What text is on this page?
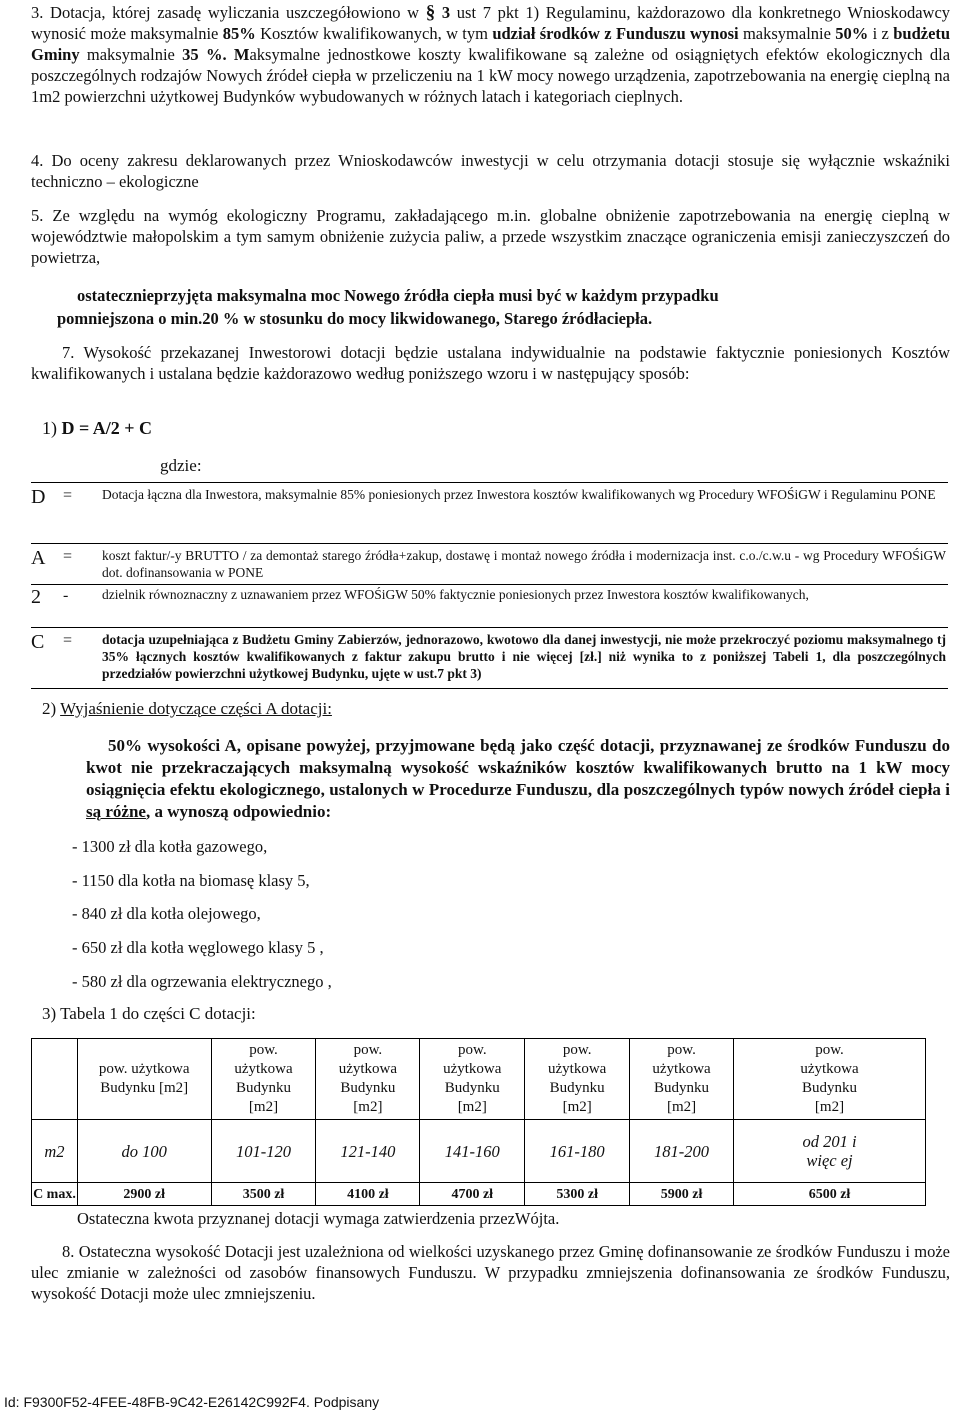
3. Dotacja, której zasadę wyliczania uszczegółowiono w § 3 ust 7 pkt 1) Regulaminu, każdorazowo dla konkretnego Wnioskodawcy wynosić może maksymalnie 85% Kosztów kwalifikowanych, w tym udział środków z Funduszu wynosi maksymalnie 50% i z budżetu Gminy maksymalnie 35 %. Maksymalne jednostkowe koszty kwalifikowane są zależne od osiągniętych efektów ekologicznych dla poszczególnych rodzajów Nowych źródeł ciepła w przeliczeniu na 1 kW mocy nowego urządzenia, zapotrzebowania na energię cieplną na 1m2 powierzchni użytkowej Budynków wybudowanych w różnych latach i kategoriach cieplnych.

4. Do oceny zakresu deklarowanych przez Wnioskodawców inwestycji w celu otrzymania dotacji stosuje się wyłącznie wskaźniki techniczno – ekologiczne

5. Ze względu na wymóg ekologiczny Programu, zakładającego m.in. globalne obniżenie zapotrzebowania na energię cieplną w województwie małopolskim a tym samym obniżenie zużycia paliw, a przede wszystkim znaczące ograniczenia emisji zanieczyszczeń do powietrza,

ostatecznieprzyjęta maksymalna moc Nowego źródła ciepła musi być w każdym przypadku

pomniejszona o min.20 % w stosunku do mocy likwidowanego, Starego źródłaciepła.

7. Wysokość przekazanej Inwestorowi dotacji będzie ustalana indywidualnie na podstawie faktycznie poniesionych Kosztów kwalifikowanych i ustalana będzie każdorazowo według poniższego wzoru i w następujący sposób:

1) D = A/2 + C

gdzie:

D = Dotacja łączna dla Inwestora, maksymalnie 85% poniesionych przez Inwestora kosztów kwalifikowanych wg Procedury WFOŚiGW i Regulaminu PONE
A = koszt faktur/-y BRUTTO / za demontaż starego źródła+zakup, dostawę i montaż nowego źródła i modernizacja inst. c.o./c.w.u - wg Procedury WFOŚiGW dot. dofinansowania w PONE
2 - dzielnik równoznaczny z uznawaniem przez WFOŚiGW 50% faktycznie poniesionych przez Inwestora kosztów kwalifikowanych,
C = dotacja uzupełniająca z Budżetu Gminy Zabierzów, jednorazowo, kwotowo dla danej inwestycji, nie może przekroczyć poziomu maksymalnego tj 35% łącznych kosztów kwalifikowanych z faktur zakupu brutto i nie więcej [zł.] niż wynika to z poniższej Tabeli 1, dla poszczególnych przedziałów powierzchni użytkowej Budynku, ujęte w ust.7 pkt 3)

2) Wyjaśnienie dotyczące części A dotacji:

50% wysokości A, opisane powyżej, przyjmowane będą jako część dotacji, przyznawanej ze środków Funduszu do kwot nie przekraczających maksymalną wysokość wskaźników kosztów kwalifikowanych brutto na 1 kW mocy osiągnięcia efektu ekologicznego, ustalonych w Procedurze Funduszu, dla poszczególnych typów nowych źródeł ciepła i są różne, a wynoszą odpowiednio:

- 1300 zł dla kotła gazowego,

- 1150 dla kotła na biomasę klasy 5,

- 840 zł dla kotła olejowego,

- 650 zł dla kotła węglowego klasy 5 ,

- 580 zł dla ogrzewania elektrycznego ,

3) Tabela 1 do części C dotacji:

	pow. użytkowa Budynku [m2]	pow. użytkowa Budynku [m2]	pow. użytkowa Budynku [m2]	pow. użytkowa Budynku [m2]	pow. użytkowa Budynku [m2]	pow. użytkowa Budynku [m2]	pow. użytkowa Budynku [m2]
m2	do 100	101-120	121-140	141-160	161-180	181-200	od 201 i więc ej
C max.	2900 zł	3500 zł	4100 zł	4700 zł	5300 zł	5900 zł	6500 zł

Ostateczna kwota przyznanej dotacji wymaga zatwierdzenia przezWójta.

8. Ostateczna wysokość Dotacji jest uzależniona od wielkości uzyskanego przez Gminę dofinansowanie ze środków Funduszu i może ulec zmianie w zależności od zasobów finansowych Funduszu. W przypadku zmniejszenia dofinansowania ze środków Funduszu, wysokość Dotacji może ulec zmniejszeniu.

Id: F9300F52-4FEE-48FB-9C42-E26142C992F4. Podpisany
